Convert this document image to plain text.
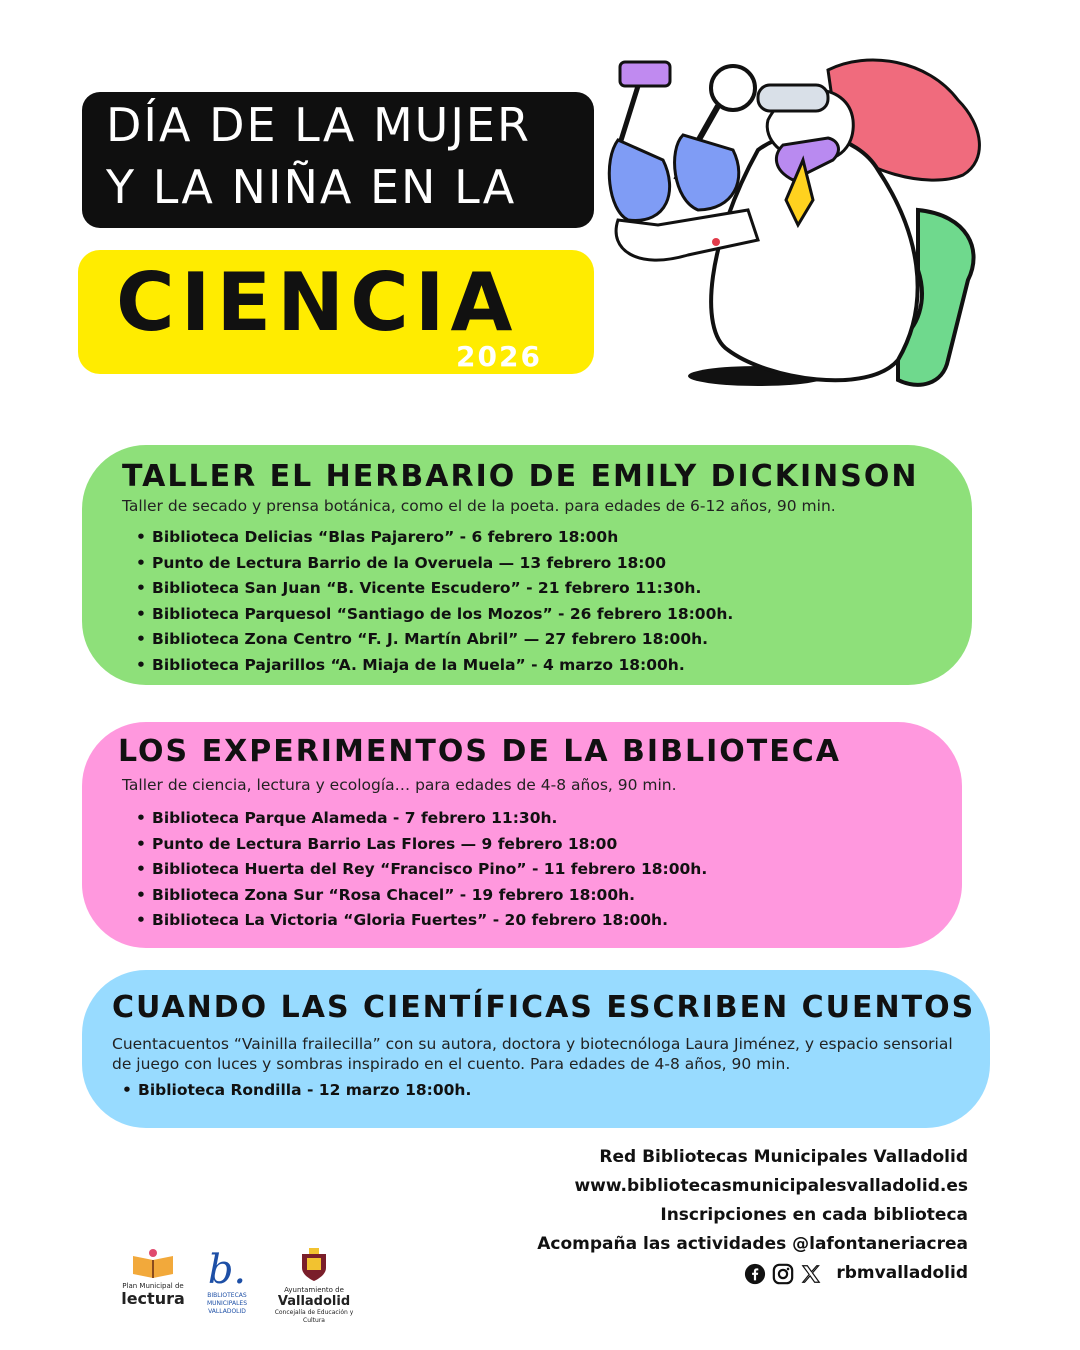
DÍA DE LA MUJER
Y LA NIÑA EN LA
CIENCIA
2026
TALLER EL HERBARIO DE EMILY DICKINSON
Taller de secado y prensa botánica, como el de la poeta. para edades de 6-12 años, 90 min.
• Biblioteca Delicias “Blas Pajarero” - 6 febrero 18:00h
• Punto de Lectura Barrio de la Overuela — 13 febrero 18:00
• Biblioteca San Juan “B. Vicente Escudero” - 21 febrero 11:30h.
• Biblioteca Parquesol “Santiago de los Mozos” - 26 febrero 18:00h.
• Biblioteca Zona Centro “F. J. Martín Abril” — 27 febrero 18:00h.
• Biblioteca Pajarillos “A. Miaja de la Muela” - 4 marzo 18:00h.
LOS EXPERIMENTOS DE LA BIBLIOTECA
Taller de ciencia, lectura y ecología… para edades de 4-8 años, 90 min.
• Biblioteca Parque Alameda - 7 febrero 11:30h.
• Punto de Lectura Barrio Las Flores — 9 febrero 18:00
• Biblioteca Huerta del Rey “Francisco Pino” - 11 febrero 18:00h.
• Biblioteca Zona Sur “Rosa Chacel” - 19 febrero 18:00h.
• Biblioteca La Victoria “Gloria Fuertes” - 20 febrero 18:00h.
CUANDO LAS CIENTÍFICAS ESCRIBEN CUENTOS
Cuentacuentos “Vainilla frailecilla” con su autora, doctora y biotecnóloga Laura Jiménez, y espacio sensorial de juego con luces y sombras inspirado en el cuento. Para edades de 4-8 años, 90 min.
• Biblioteca Rondilla - 12 marzo 18:00h.
Red Bibliotecas Municipales Valladolid
www.bibliotecasmunicipalesvalladolid.es
Inscripciones en cada biblioteca
Acompaña las actividades @lafontaneriacrea
rbmvalladolid
Plan Municipal de
lectura
b.
BIBLIOTECAS MUNICIPALES VALLADOLID
Ayuntamiento de
Valladolid
Concejalía de Educación y Cultura
